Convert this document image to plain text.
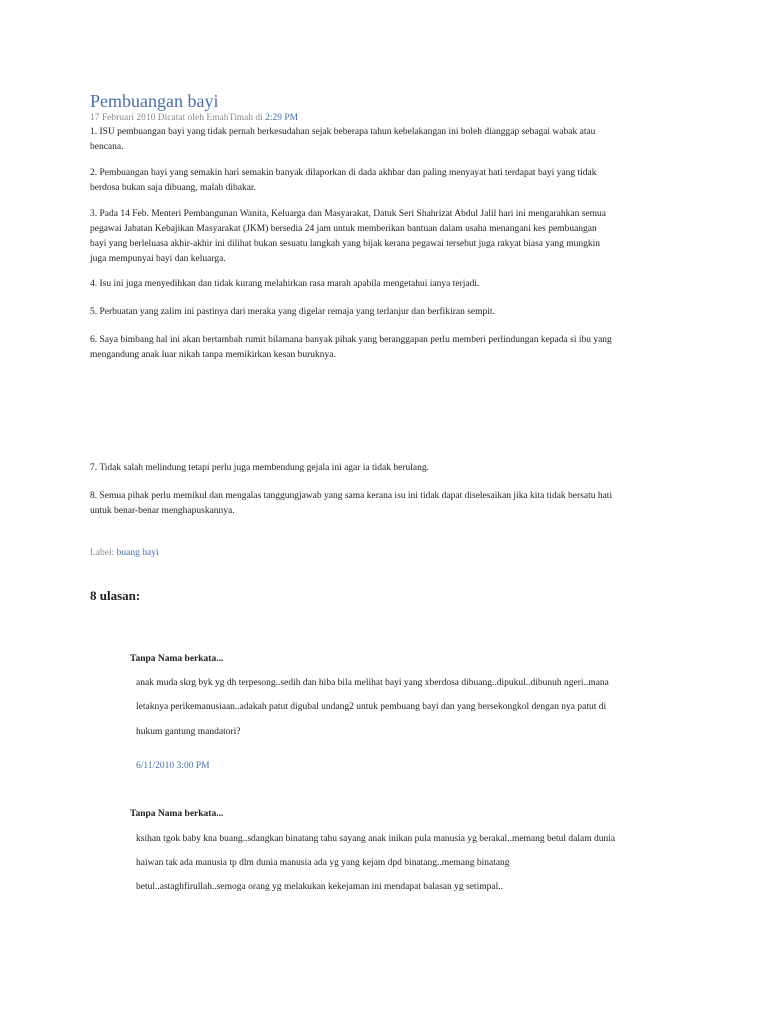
Pembuangan bayi
17 Februari 2010 Dicatat oleh EmahTimah di 2:29 PM

1. ISU pembuangan bayi yang tidak pernah berkesudahan sejak beberapa tahun kebelakangan ini boleh dianggap sebagai wabak atau

bencana.

2. Pembuangan bayi yang semakin hari semakin banyak dilaporkan di dada akhbar dan paling menyayat hati terdapat bayi yang tidak

berdosa bukan saja dibuang, malah dibakar.

3. Pada 14 Feb. Menteri Pembangunan Wanita, Keluarga dan Masyarakat, Datuk Seri Shahrizat Abdul Jalil hari ini mengarahkan semua

pegawai Jabatan Kebajikan Masyarakat (JKM) bersedia 24 jam untuk memberikan bantuan dalam usaha menangani kes pembuangan

bayi yang berleluasa akhir-akhir ini dilihat bukan sesuatu langkah yang bijak kerana pegawai tersebut juga rakyat biasa yang mungkin

juga mempunyai bayi dan keluarga.

4. Isu ini juga menyedihkan dan tidak kurang melahirkan rasa marah apabila mengetahui ianya terjadi.

5. Perbuatan yang zalim ini pastinya dari meraka yang digelar remaja yang terlanjur dan berfikiran sempit.

6. Saya bimbang hal ini akan bertambah rumit bilamana banyak pihak yang beranggapan perlu memberi perlindungan kepada si ibu yang

mengandung anak luar nikah tanpa memikirkan kesan buruknya.

7. Tidak salah melindung tetapi perlu juga membendung gejala ini agar ia tidak berulang.

8. Semua pihak perlu memikul dan mengalas tanggungjawab yang sama kerana isu ini tidak dapat diselesaikan jika kita tidak bersatu hati

untuk benar-benar menghapuskannya.

Label: buang bayi
8 ulasan:
Tanpa Nama berkata...
anak muda skrg byk yg dh terpesong..sedih dan hiba bila melihat bayi yang xberdosa dibuang..dipukul..dibunuh ngeri..mana
letaknya perikemanusiaan..adakah patut digubal undang2 untuk pembuang bayi dan yang bersekongkol dengan nya patut di
hukum gantung mandatori?
6/11/2010 3:00 PM
Tanpa Nama berkata...
ksihan tgok baby kna buang..sdangkan binatang tahu sayang anak inikan pula manusia yg berakal..memang betul dalam dunia
haiwan tak ada manusia tp dlm dunia manusia ada yg yang kejam dpd binatang..memang binatang
betul..astaghfirullah..semoga orang yg melakukan kekejaman ini mendapat balasan yg setimpal..
